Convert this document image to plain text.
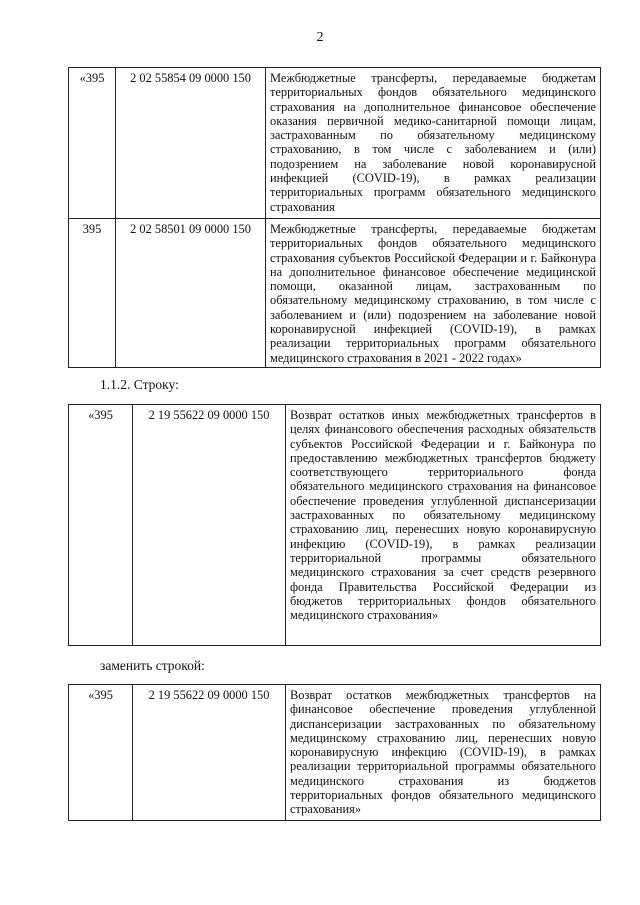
2
«395	2 02 55854 09 0000 150	Межбюджетные трансферты, передаваемые бюджетам территориальных фондов обязательного медицинского страхования на дополнительное финансовое обеспечение оказания первичной медико-санитарной помощи лицам, застрахованным по обязательному медицинскому страхованию, в том числе с заболеванием и (или) подозрением на заболевание новой коронавирусной инфекцией (COVID-19), в рамках реализации территориальных программ обязательного медицинского страхования
395	2 02 58501 09 0000 150	Межбюджетные трансферты, передаваемые бюджетам территориальных фондов обязательного медицинского страхования субъектов Российской Федерации и г. Байконура на дополнительное финансовое обеспечение медицинской помощи, оказанной лицам, застрахованным по обязательному медицинскому страхованию, в том числе с заболеванием и (или) подозрением на заболевание новой коронавирусной инфекцией (COVID-19), в рамках реализации территориальных программ обязательного медицинского страхования в 2021 - 2022 годах»
1.1.2. Строку:
«395	2 19 55622 09 0000 150	Возврат остатков иных межбюджетных трансфертов в целях финансового обеспечения расходных обязательств субъектов Российской Федерации и г. Байконура по предоставлению межбюджетных трансфертов бюджету соответствующего территориального фонда обязательного медицинского страхования на финансовое обеспечение проведения углубленной диспансеризации застрахованных по обязательному медицинскому страхованию лиц, перенесших новую коронавирусную инфекцию (COVID-19), в рамках реализации территориальной программы обязательного медицинского страхования за счет средств резервного фонда Правительства Российской Федерации из бюджетов территориальных фондов обязательного медицинского страхования»
заменить строкой:
«395	2 19 55622 09 0000 150	Возврат остатков межбюджетных трансфертов на финансовое обеспечение проведения углубленной диспансеризации застрахованных по обязательному медицинскому страхованию лиц, перенесших новую коронавирусную инфекцию (COVID-19), в рамках реализации территориальной программы обязательного медицинского страхования из бюджетов территориальных фондов обязательного медицинского страхования»
